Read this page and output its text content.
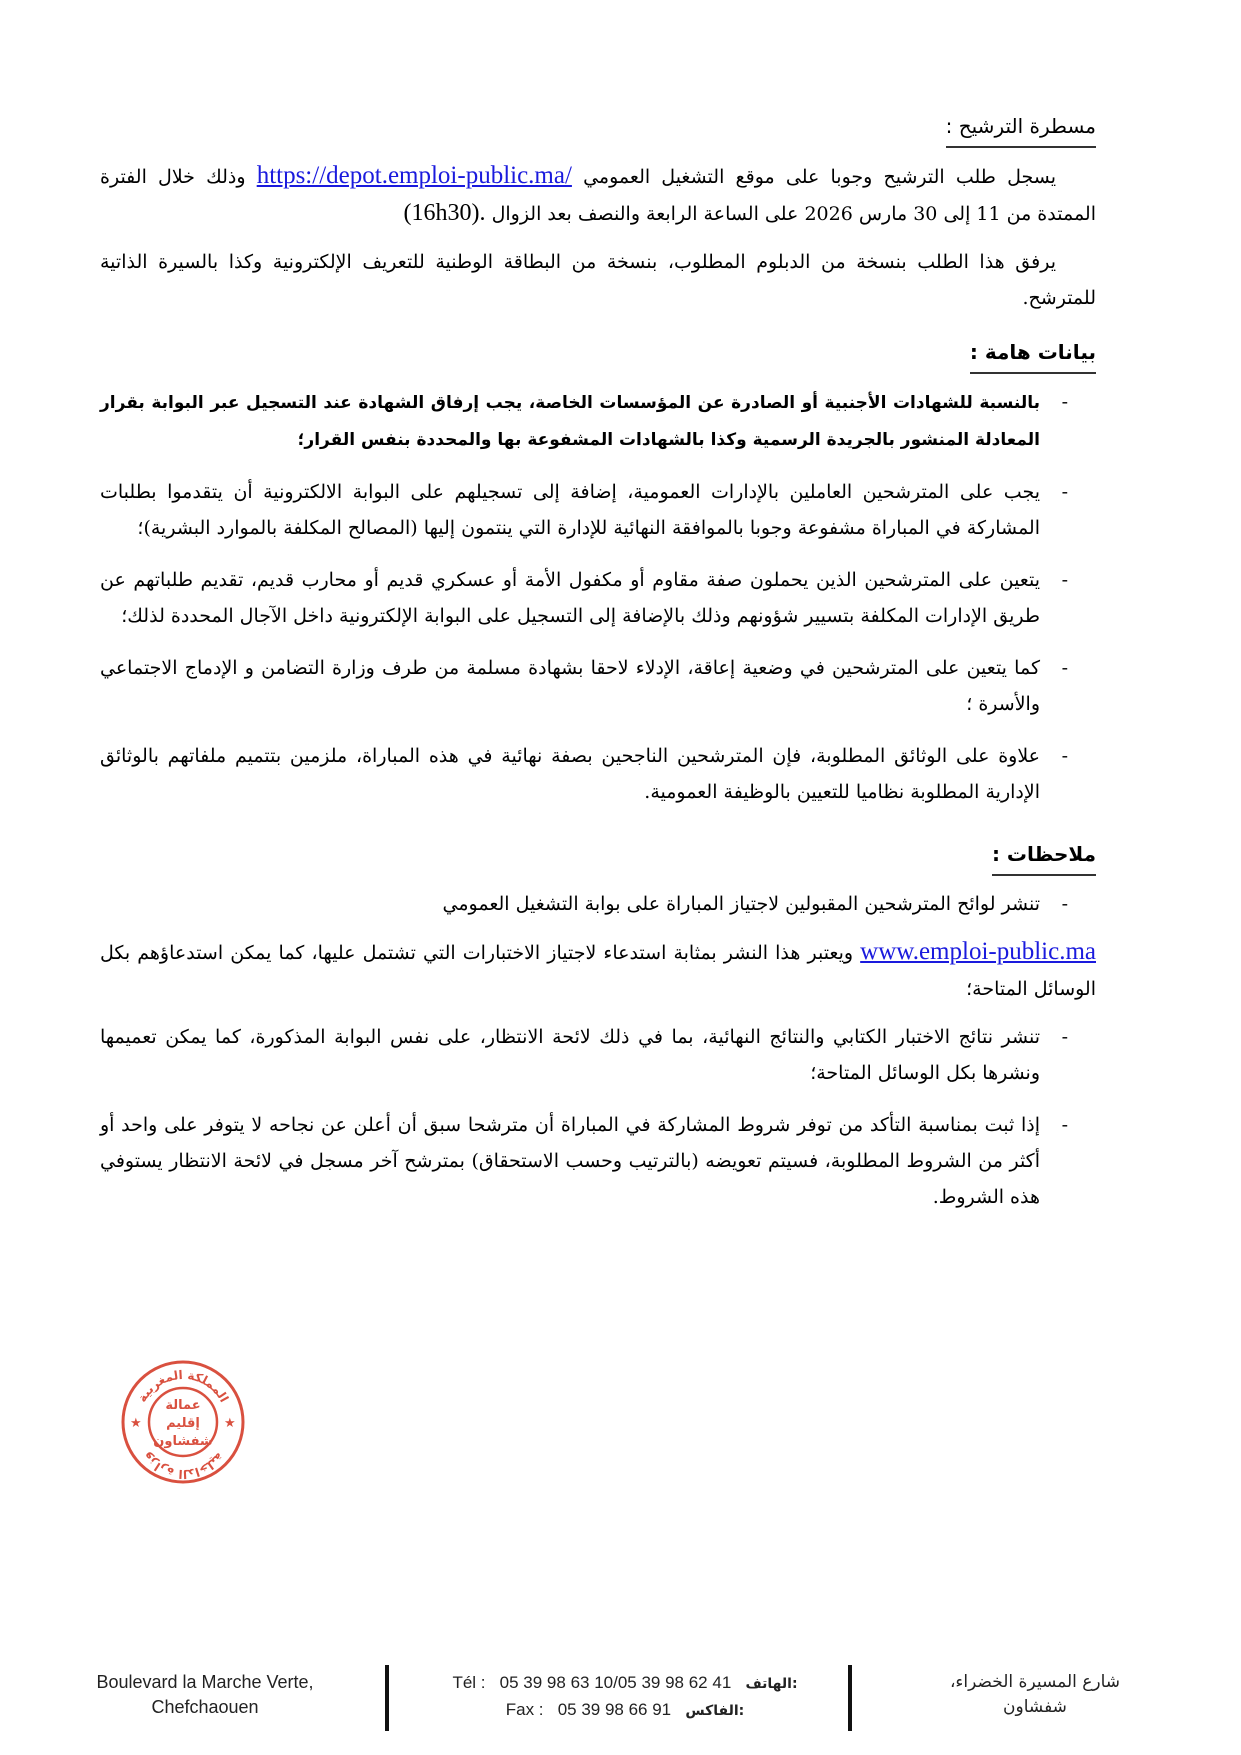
مسطرة الترشيح :

يسجل طلب الترشيح وجوبا على موقع التشغيل العمومي https://depot.emploi-public.ma/ وذلك خلال الفترة الممتدة من 11 إلى 30 مارس 2026 على الساعة الرابعة والنصف بعد الزوال (16h30).

يرفق هذا الطلب بنسخة من الدبلوم المطلوب، بنسخة من البطاقة الوطنية للتعريف الإلكترونية وكذا بالسيرة الذاتية للمترشح.

بيانات هامة :
-
بالنسبة للشهادات الأجنبية أو الصادرة عن المؤسسات الخاصة، يجب إرفاق الشهادة عند التسجيل عبر البوابة بقرار المعادلة المنشور بالجريدة الرسمية وكذا بالشهادات المشفوعة بها والمحددة بنفس القرار؛
-
يجب على المترشحين العاملين بالإدارات العمومية، إضافة إلى تسجيلهم على البوابة الالكترونية أن يتقدموا بطلبات المشاركة في المباراة مشفوعة وجوبا بالموافقة النهائية للإدارة التي ينتمون إليها (المصالح المكلفة بالموارد البشرية)؛
-
يتعين على المترشحين الذين يحملون صفة مقاوم أو مكفول الأمة أو عسكري قديم أو محارب قديم، تقديم طلباتهم عن طريق الإدارات المكلفة بتسيير شؤونهم وذلك بالإضافة إلى التسجيل على البوابة الإلكترونية داخل الآجال المحددة لذلك؛
-
كما يتعين على المترشحين في وضعية إعاقة، الإدلاء لاحقا بشهادة مسلمة من طرف وزارة التضامن و الإدماج الاجتماعي والأسرة ؛
-
علاوة على الوثائق المطلوبة، فإن المترشحين الناجحين بصفة نهائية في هذه المباراة، ملزمين بتتميم ملفاتهم بالوثائق الإدارية المطلوبة نظاميا للتعيين بالوظيفة العمومية.
ملاحظات :
-
تنشر لوائح المترشحين المقبولين لاجتياز المباراة على بوابة التشغيل العمومي

www.emploi-public.ma ويعتبر هذا النشر بمثابة استدعاء لاجتياز الاختبارات التي تشتمل عليها، كما يمكن استدعاؤهم بكل الوسائل المتاحة؛

-
تنشر نتائج الاختبار الكتابي والنتائج النهائية، بما في ذلك لائحة الانتظار، على نفس البوابة المذكورة، كما يمكن تعميمها ونشرها بكل الوسائل المتاحة؛
-
إذا ثبت بمناسبة التأكد من توفر شروط المشاركة في المباراة أن مترشحا سبق أن أعلن عن نجاحه لا يتوفر على واحد أو أكثر من الشروط المطلوبة، فسيتم تعويضه (بالترتيب وحسب الاستحقاق) بمترشح آخر مسجل في لائحة الانتظار يستوفي هذه الشروط.
المملكة المغربية
وزارة الداخلية
★	★
عمالة
إقليم
شفشاون
Boulevard la Marche Verte,
Chefchaouen
Tél : 05 39 98 63 10/05 39 98 62 41 الهاتف:
Fax : 05 39 98 66 91 الفاكس:
شارع المسيرة الخضراء،
شفشاون
